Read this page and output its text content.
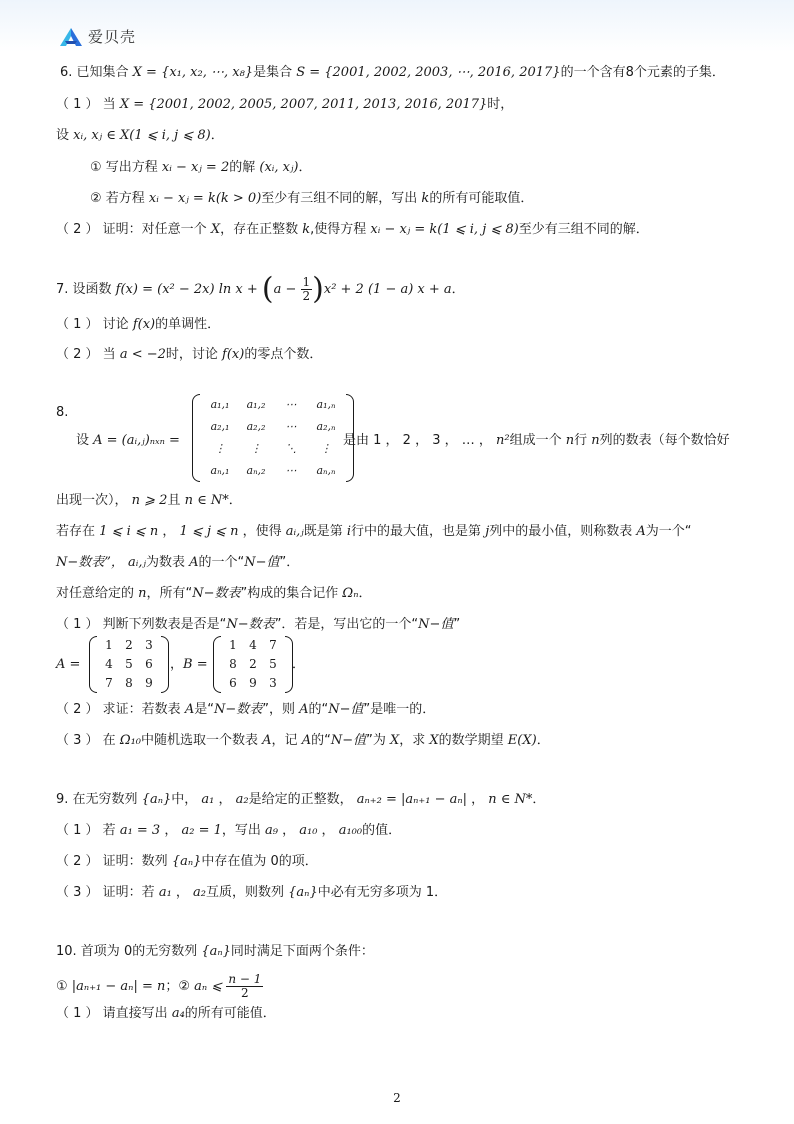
爱贝壳
6. 已知集合 X = {x₁, x₂, ⋯, x₈}是集合 S = {2001, 2002, 2003, ⋯, 2016, 2017}的一个含有8个元素的子集．
（ 1 ） 当 X = {2001, 2002, 2005, 2007, 2011, 2013, 2016, 2017}时，
设 xᵢ, xⱼ ∈ X(1 ⩽ i, j ⩽ 8)．
① 写出方程 xᵢ − xⱼ = 2的解 (xᵢ, xⱼ)．
② 若方程 xᵢ − xⱼ = k(k > 0)至少有三组不同的解，写出 k的所有可能取值．
（ 2 ） 证明：对任意一个 X，存在正整数 k,使得方程 xᵢ − xⱼ = k(1 ⩽ i, j ⩽ 8)至少有三组不同的解．
7. 设函数 f(x) = (x² − 2x) $\ln x + (a - \frac{1}{2} )x^2 + 2$ (1 − a) x + a．
（ 1 ） 讨论 f(x)的单调性．
（ 2 ） 当 a < −2时，讨论 f(x)的零点个数．
8.
设 A = (aᵢ,ⱼ)ₙₓₙ =
a₁,₁	a₁,₂	⋯	a₁,ₙ
a₂,₁	a₂,₂	⋯	a₂,ₙ
⋮	⋮	⋱	⋮
aₙ,₁	aₙ,₂	⋯	aₙ,ₙ
是由 1 ， 2 ， 3 ， … ， n²组成一个 n行 n列的数表（每个数恰好
出现一次）， n ⩾ 2且 n ∈ N*．
若存在 1 ⩽ i ⩽ n ， 1 ⩽ j ⩽ n ，使得 aᵢ,ⱼ既是第 i行中的最大值，也是第 j列中的最小值，则称数表 A为一个“
N−数表”， aᵢ,ⱼ为数表 A的一个“N−值”．
对任意给定的 n，所有“N−数表”构成的集合记作 Ωₙ．
（ 1 ） 判断下列数表是否是“N−数表”．若是，写出它的一个“N−值”
A =
1	2	3
4	5	6
7	8	9
，B =
1	4	7
8	2	5
6	9	3
．
（ 2 ） 求证：若数表 A是“N−数表”，则 A的“N−值”是唯一的．
（ 3 ） 在 Ω₁₀中随机选取一个数表 A，记 A的“N−值”为 X，求 X的数学期望 E(X)．
9. 在无穷数列 {aₙ}中， a₁ ， a₂是给定的正整数， aₙ₊₂ = |aₙ₊₁ − aₙ| ， n ∈ N*．
（ 1 ） 若 a₁ = 3 ， a₂ = 1，写出 a₉ ， a₁₀ ， a₁₀₀的值．
（ 2 ） 证明：数列 {aₙ}中存在值为 0的项．
（ 3 ） 证明：若 a₁ ， a₂互质，则数列 {aₙ}中必有无穷多项为 1．
10. 首项为 0的无穷数列 {aₙ}同时满足下面两个条件：
① |aₙ₊₁ − aₙ| = n；② aₙ ⩽ $\frac{n - 1}{2}$
（ 1 ） 请直接写出 a₄的所有可能值．
2
